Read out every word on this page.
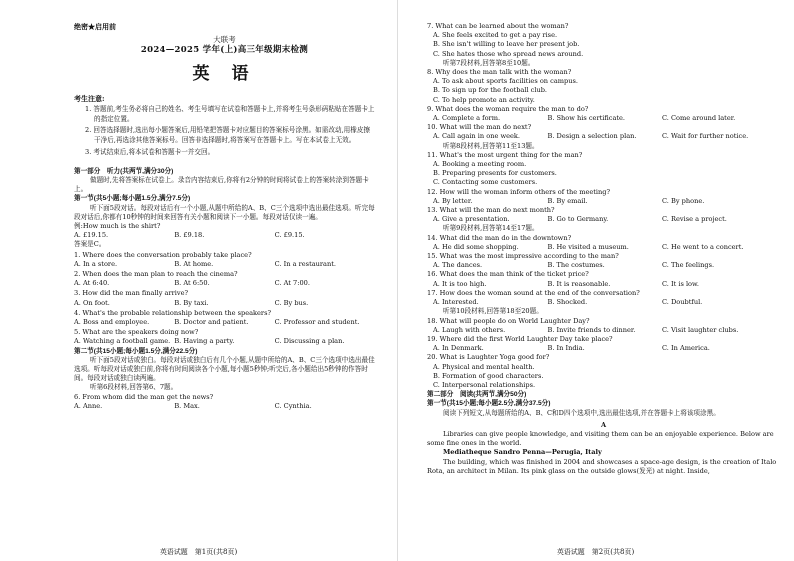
绝密★启用前
大联考
2024—2025 学年(上)高三年级期末检测
英 语
考生注意:
1. 答题前,考生务必将自己的姓名、考生号填写在试卷和答题卡上,并将考生号条形码粘贴在答题卡上的指定位置。
2. 回答选择题时,选出每小题答案后,用铅笔把答题卡对应题目的答案标号涂黑。如需改动,用橡皮擦干净后,再选涂其他答案标号。回答非选择题时,将答案写在答题卡上。写在本试卷上无效。
3. 考试结束后,将本试卷和答题卡一并交回。
第一部分　听力(共两节,满分30分)
做题时,先将答案标在试卷上。录音内容结束后,你将有2分钟的时间将试卷上的答案转涂到答题卡上。
第一节(共5小题;每小题1.5分,满分7.5分)
听下面5段对话。每段对话后有一个小题,从题中所给的A、B、C三个选项中选出最佳选项。听完每段对话后,你都有10秒钟的时间来回答有关小题和阅读下一小题。每段对话仅读一遍。
例:How much is the shirt?
A. £19.15.	B. £9.18.	C. £9.15.
答案是C。
1. Where does the conversation probably take place?
A. In a store.	B. At home.	C. In a restaurant.
2. When does the man plan to reach the cinema?
A. At 6:40.	B. At 6:50.	C. At 7:00.
3. How did the man finally arrive?
A. On foot.	B. By taxi.	C. By bus.
4. What's the probable relationship between the speakers?
A. Boss and employee.	B. Doctor and patient.	C. Professor and student.
5. What are the speakers doing now?
A. Watching a football game. B. Having a party.	C. Discussing a plan.
第二节(共15小题;每小题1.5分,满分22.5分)
听下面5段对话或独白。每段对话或独白后有几个小题,从题中所给的A、B、C三个选项中选出最佳选项。听每段对话或独白前,你将有时间阅读各个小题,每小题5秒钟;听完后,各小题给出5秒钟的作答时间。每段对话或独白读两遍。
听第6段材料,回答第6、7题。
6. From whom did the man get the news?
A. Anne.	B. Max.	C. Cynthia.
英语试题　第1页(共8页)
7. What can be learned about the woman?
A. She feels excited to get a pay rise.
B. She isn't willing to leave her present job.
C. She hates those who spread news around.
听第7段材料,回答第8至10题。
8. Why does the man talk with the woman?
A. To ask about sports facilities on campus.
B. To sign up for the football club.
C. To help promote an activity.
9. What does the woman require the man to do?
A. Complete a form.	B. Show his certificate.	C. Come around later.
10. What will the man do next?
A. Call again in one week.	B. Design a selection plan.	C. Wait for further notice.
听第8段材料,回答第11至13题。
11. What's the most urgent thing for the man?
A. Booking a meeting room.
B. Preparing presents for customers.
C. Contacting some customers.
12. How will the woman inform others of the meeting?
A. By letter.	B. By email.	C. By phone.
13. What will the man do next month?
A. Give a presentation.	B. Go to Germany.	C. Revise a project.
听第9段材料,回答第14至17题。
14. What did the man do in the downtown?
A. He did some shopping.	B. He visited a museum.	C. He went to a concert.
15. What was the most impressive according to the man?
A. The dances.	B. The costumes.	C. The feelings.
16. What does the man think of the ticket price?
A. It is too high.	B. It is reasonable.	C. It is low.
17. How does the woman sound at the end of the conversation?
A. Interested.	B. Shocked.	C. Doubtful.
听第10段材料,回答第18至20题。
18. What will people do on World Laughter Day?
A. Laugh with others.	B. Invite friends to dinner.	C. Visit laughter clubs.
19. Where did the first World Laughter Day take place?
A. In Denmark.	B. In India.	C. In America.
20. What is Laughter Yoga good for?
A. Physical and mental health.
B. Formation of good characters.
C. Interpersonal relationships.
第二部分　阅读(共两节,满分50分)
第一节(共15小题;每小题2.5分,满分37.5分)
阅读下列短文,从每题所给的A、B、C和D四个选项中,选出最佳选项,并在答题卡上将该项涂黑。
A
Libraries can give people knowledge, and visiting them can be an enjoyable experience. Below are some fine ones in the world.
Mediatheque Sandro Penna—Perugia, Italy
The building, which was finished in 2004 and showcases a space-age design, is the creation of Italo Rota, an architect in Milan. Its pink glass on the outside glows(发光) at night. Inside,
英语试题　第2页(共8页)
